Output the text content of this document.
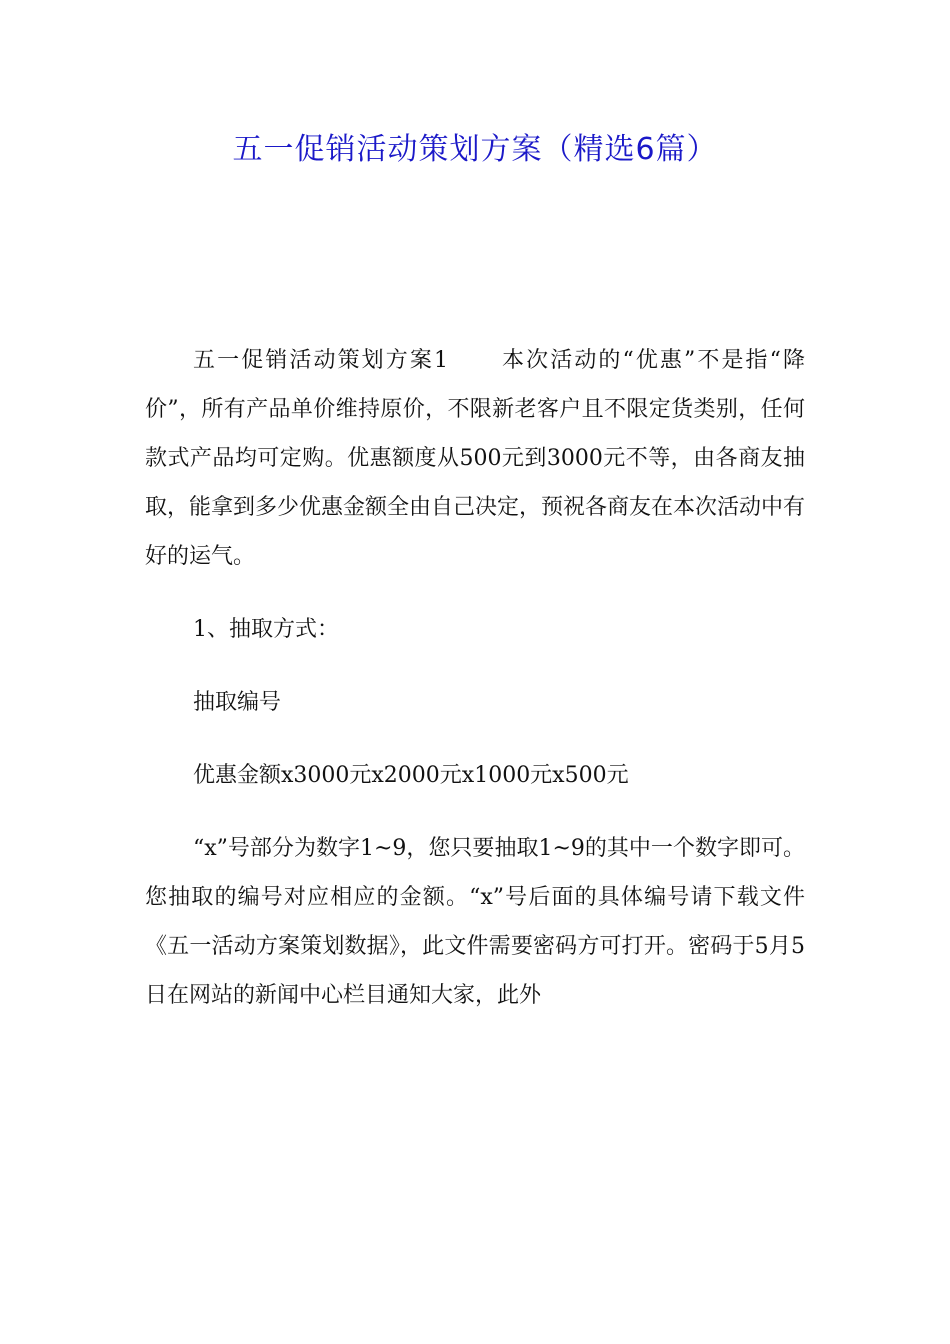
五一促销活动策划方案（精选6篇）

五一促销活动策划方案1 本次活动的“优惠”不是指“降价”，所有产品单价维持原价，不限新老客户且不限定货类别，任何款式产品均可定购。优惠额度从500元到3000元不等，由各商友抽取，能拿到多少优惠金额全由自己决定，预祝各商友在本次活动中有好的运气。

1、抽取方式：

抽取编号

优惠金额x3000元x2000元x1000元x500元

“x”号部分为数字1~9，您只要抽取1~9的其中一个数字即可。您抽取的编号对应相应的金额。“x”号后面的具体编号请下载文件《五一活动方案策划数据》，此文件需要密码方可打开。密码于5月5日在网站的新闻中心栏目通知大家，此外
